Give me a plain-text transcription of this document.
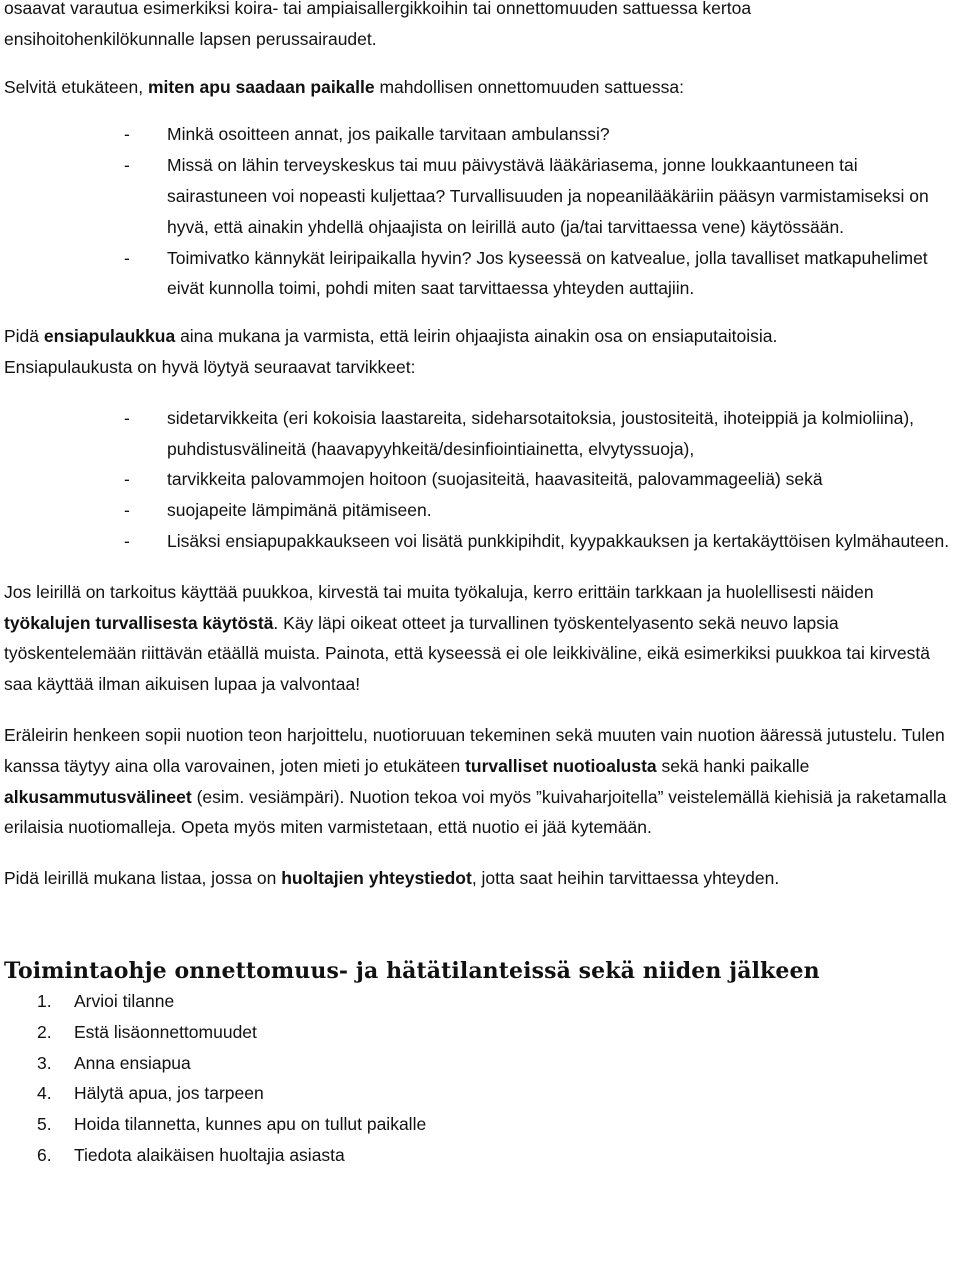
osaavat varautua esimerkiksi koira- tai ampiaisallergikkoihin tai onnettomuuden sattuessa kertoa
ensihoitohenkilökunnalle lapsen perussairaudet.

Selvitä etukäteen, miten apu saadaan paikalle mahdollisen onnettomuuden sattuessa:

- Minkä osoitteen annat, jos paikalle tarvitaan ambulanssi?
- Missä on lähin terveyskeskus tai muu päivystävä lääkäriasema, jonne loukkaantuneen tai sairastuneen voi nopeasti kuljettaa? Turvallisuuden ja nopeanilääkäriin pääsyn varmistamiseksi on hyvä, että ainakin yhdellä ohjaajista on leirillä auto (ja/tai tarvittaessa vene) käytössään.
- Toimivatko kännykät leiripaikalla hyvin? Jos kyseessä on katvealue, jolla tavalliset matkapuhelimet eivät kunnolla toimi, pohdi miten saat tarvittaessa yhteyden auttajiin.

Pidä ensiapulaukkua aina mukana ja varmista, että leirin ohjaajista ainakin osa on ensiaputaitoisia.
Ensiapulaukusta on hyvä löytyä seuraavat tarvikkeet:

- sidetarvikkeita (eri kokoisia laastareita, sideharsotaitoksia, joustositeitä, ihoteippiä ja kolmioliina), puhdistusvälineitä (haavapyyhkeitä/desinfiointiainetta, elvytyssuoja),
- tarvikkeita palovammojen hoitoon (suojasiteitä, haavasiteitä, palovammageeliä) sekä
- suojapeite lämpimänä pitämiseen.
- Lisäksi ensiapupakkaukseen voi lisätä punkkipihdit, kyypakkauksen ja kertakäyttöisen kylmähauteen.

Jos leirillä on tarkoitus käyttää puukkoa, kirvestä tai muita työkaluja, kerro erittäin tarkkaan ja huolellisesti näiden työkalujen turvallisesta käytöstä. Käy läpi oikeat otteet ja turvallinen työskentelyasento sekä neuvo lapsia työskentelemään riittävän etäällä muista. Painota, että kyseessä ei ole leikkiväline, eikä esimerkiksi puukkoa tai kirvestä saa käyttää ilman aikuisen lupaa ja valvontaa!

Eräleirin henkeen sopii nuotion teon harjoittelu, nuotioruuan tekeminen sekä muuten vain nuotion ääressä jutustelu. Tulen kanssa täytyy aina olla varovainen, joten mieti jo etukäteen turvalliset nuotioalusta sekä hanki paikalle alkusammutusvälineet (esim. vesiämpäri). Nuotion tekoa voi myös ”kuivaharjoitella” veistelemällä kiehisiä ja raketamalla erilaisia nuotiomalleja. Opeta myös miten varmistetaan, että nuotio ei jää kytemään.

Pidä leirillä mukana listaa, jossa on huoltajien yhteystiedot, jotta saat heihin tarvittaessa yhteyden.

Toimintaohje onnettomuus- ja hätätilanteissä sekä niiden jälkeen
1. Arvioi tilanne
2. Estä lisäonnettomuudet
3. Anna ensiapua
4. Hälytä apua, jos tarpeen
5. Hoida tilannetta, kunnes apu on tullut paikalle
6. Tiedota alaikäisen huoltajia asiasta
